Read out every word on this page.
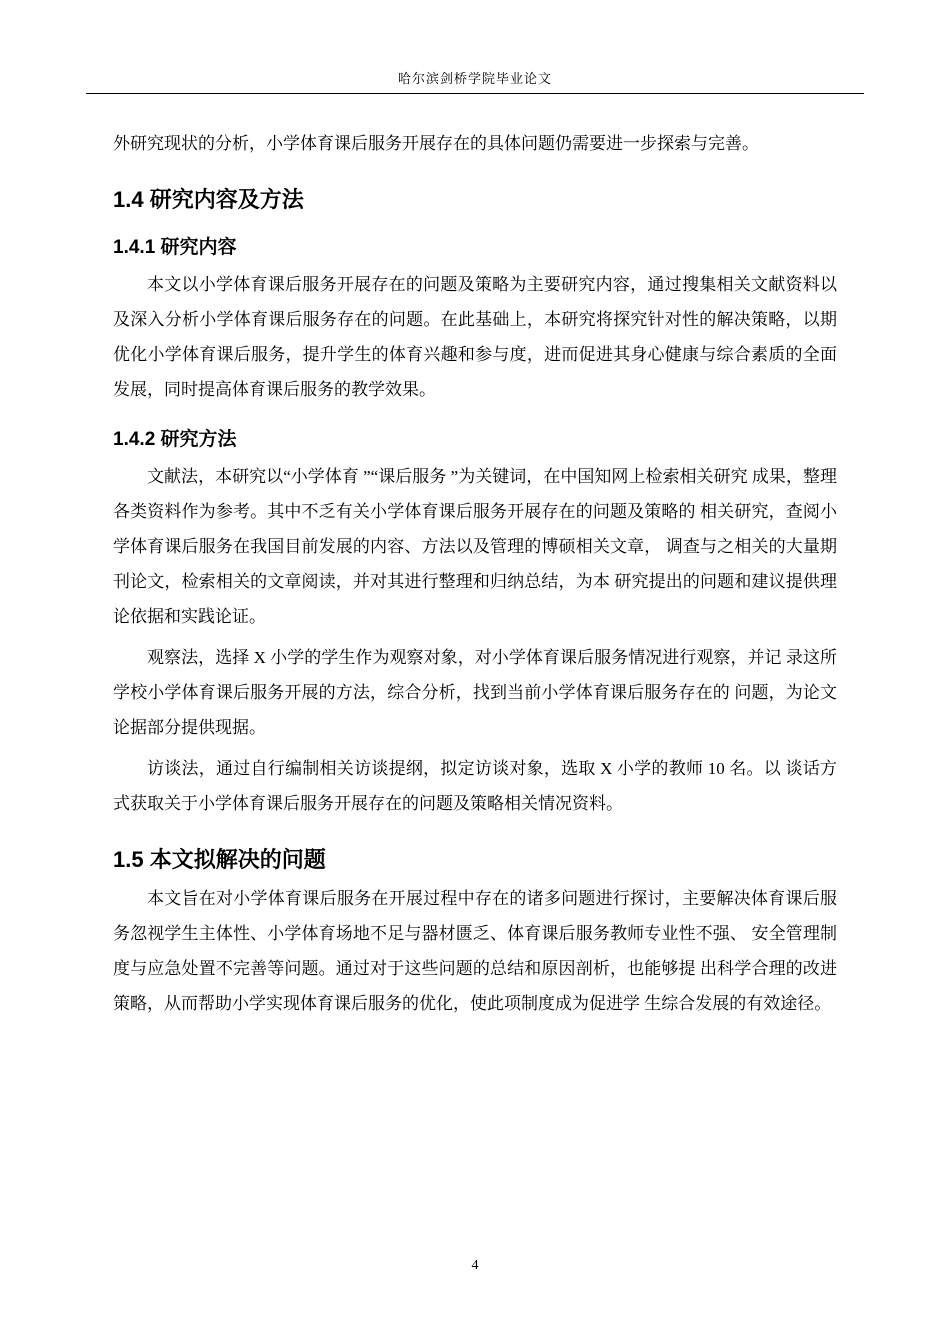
哈尔滨剑桥学院毕业论文

外研究现状的分析，小学体育课后服务开展存在的具体问题仍需要进一步探索与完善。

1.4 研究内容及方法
1.4.1 研究内容

本文以小学体育课后服务开展存在的问题及策略为主要研究内容，通过搜集相关文献资料以及深入分析小学体育课后服务存在的问题。在此基础上，本研究将探究针对性的解决策略，以期优化小学体育课后服务，提升学生的体育兴趣和参与度，进而促进其身心健康与综合素质的全面发展，同时提高体育课后服务的教学效果。

1.4.2 研究方法

文献法，本研究以“小学体育 ”“课后服务 ”为关键词，在中国知网上检索相关研究 成果，整理各类资料作为参考。其中不乏有关小学体育课后服务开展存在的问题及策略的 相关研究，查阅小学体育课后服务在我国目前发展的内容、方法以及管理的博硕相关文章， 调查与之相关的大量期刊论文，检索相关的文章阅读，并对其进行整理和归纳总结，为本 研究提出的问题和建议提供理论依据和实践论证。

观察法，选择 X 小学的学生作为观察对象，对小学体育课后服务情况进行观察，并记 录这所学校小学体育课后服务开展的方法，综合分析，找到当前小学体育课后服务存在的 问题，为论文论据部分提供现据。

访谈法，通过自行编制相关访谈提纲，拟定访谈对象，选取 X 小学的教师 10 名。以 谈话方式获取关于小学体育课后服务开展存在的问题及策略相关情况资料。

1.5 本文拟解决的问题

本文旨在对小学体育课后服务在开展过程中存在的诸多问题进行探讨，主要解决体育课后服务忽视学生主体性、小学体育场地不足与器材匮乏、体育课后服务教师专业性不强、 安全管理制度与应急处置不完善等问题。通过对于这些问题的总结和原因剖析，也能够提 出科学合理的改进策略，从而帮助小学实现体育课后服务的优化，使此项制度成为促进学 生综合发展的有效途径。

4
